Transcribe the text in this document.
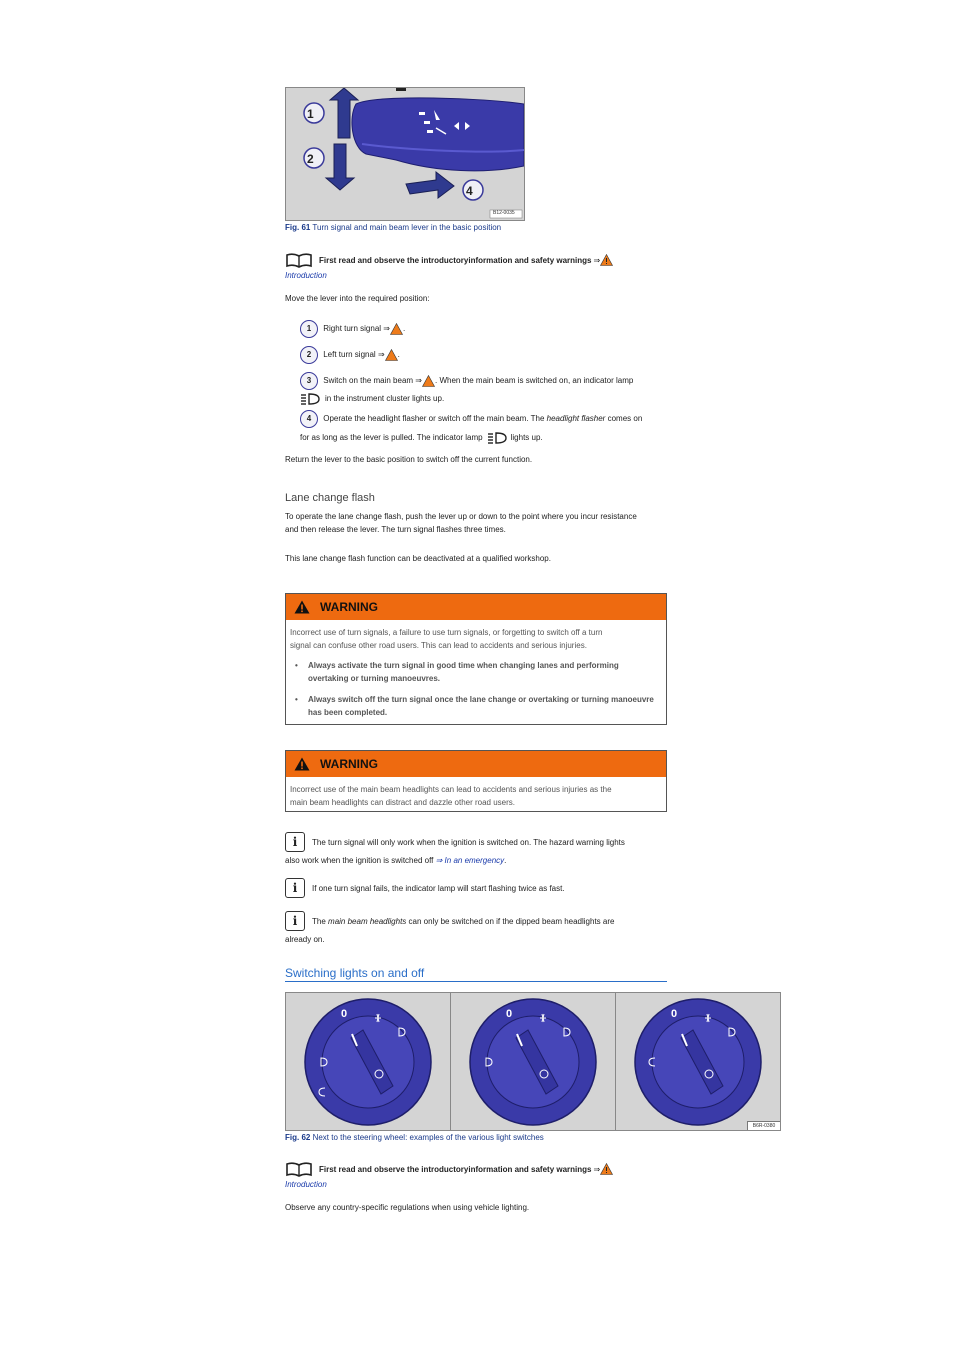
1
2
4
B12-0035
Fig. 61 Turn signal and main beam lever in the basic position
First read and observe the introductoryinformation and safety warnings ⇒
Introduction
Move the lever into the required position:
1 Right turn signal ⇒ .
2 Left turn signal ⇒ .
3 Switch on the main beam ⇒ . When the main beam is switched on, an indicator lamp
in the instrument cluster lights up.
4 Operate the headlight flasher or switch off the main beam. The headlight flasher comes on
for as long as the lever is pulled. The indicator lamp	lights up.
Return the lever to the basic position to switch off the current function.
Lane change flash
To operate the lane change flash, push the lever up or down to the point where you incur resistance
and then release the lever. The turn signal flashes three times.
This lane change flash function can be deactivated at a qualified workshop.
WARNING
Incorrect use of turn signals, a failure to use turn signals, or forgetting to switch off a turn
signal can confuse other road users. This can lead to accidents and serious injuries.
• Always activate the turn signal in good time when changing lanes and performing
overtaking or turning manoeuvres.
• Always switch off the turn signal once the lane change or overtaking or turning manoeuvre
has been completed.
WARNING
Incorrect use of the main beam headlights can lead to accidents and serious injuries as the
main beam headlights can distract and dazzle other road users.
i	The turn signal will only work when the ignition is switched on. The hazard warning lights
also work when the ignition is switched off ⇒ In an emergency.
i	If one turn signal fails, the indicator lamp will start flashing twice as fast.
i	The main beam headlights can only be switched on if the dipped beam headlights are
already on.
Switching lights on and off
0	0	0
B6R-0380
Fig. 62 Next to the steering wheel: examples of the various light switches
First read and observe the introductoryinformation and safety warnings ⇒
Introduction
Observe any country-specific regulations when using vehicle lighting.
